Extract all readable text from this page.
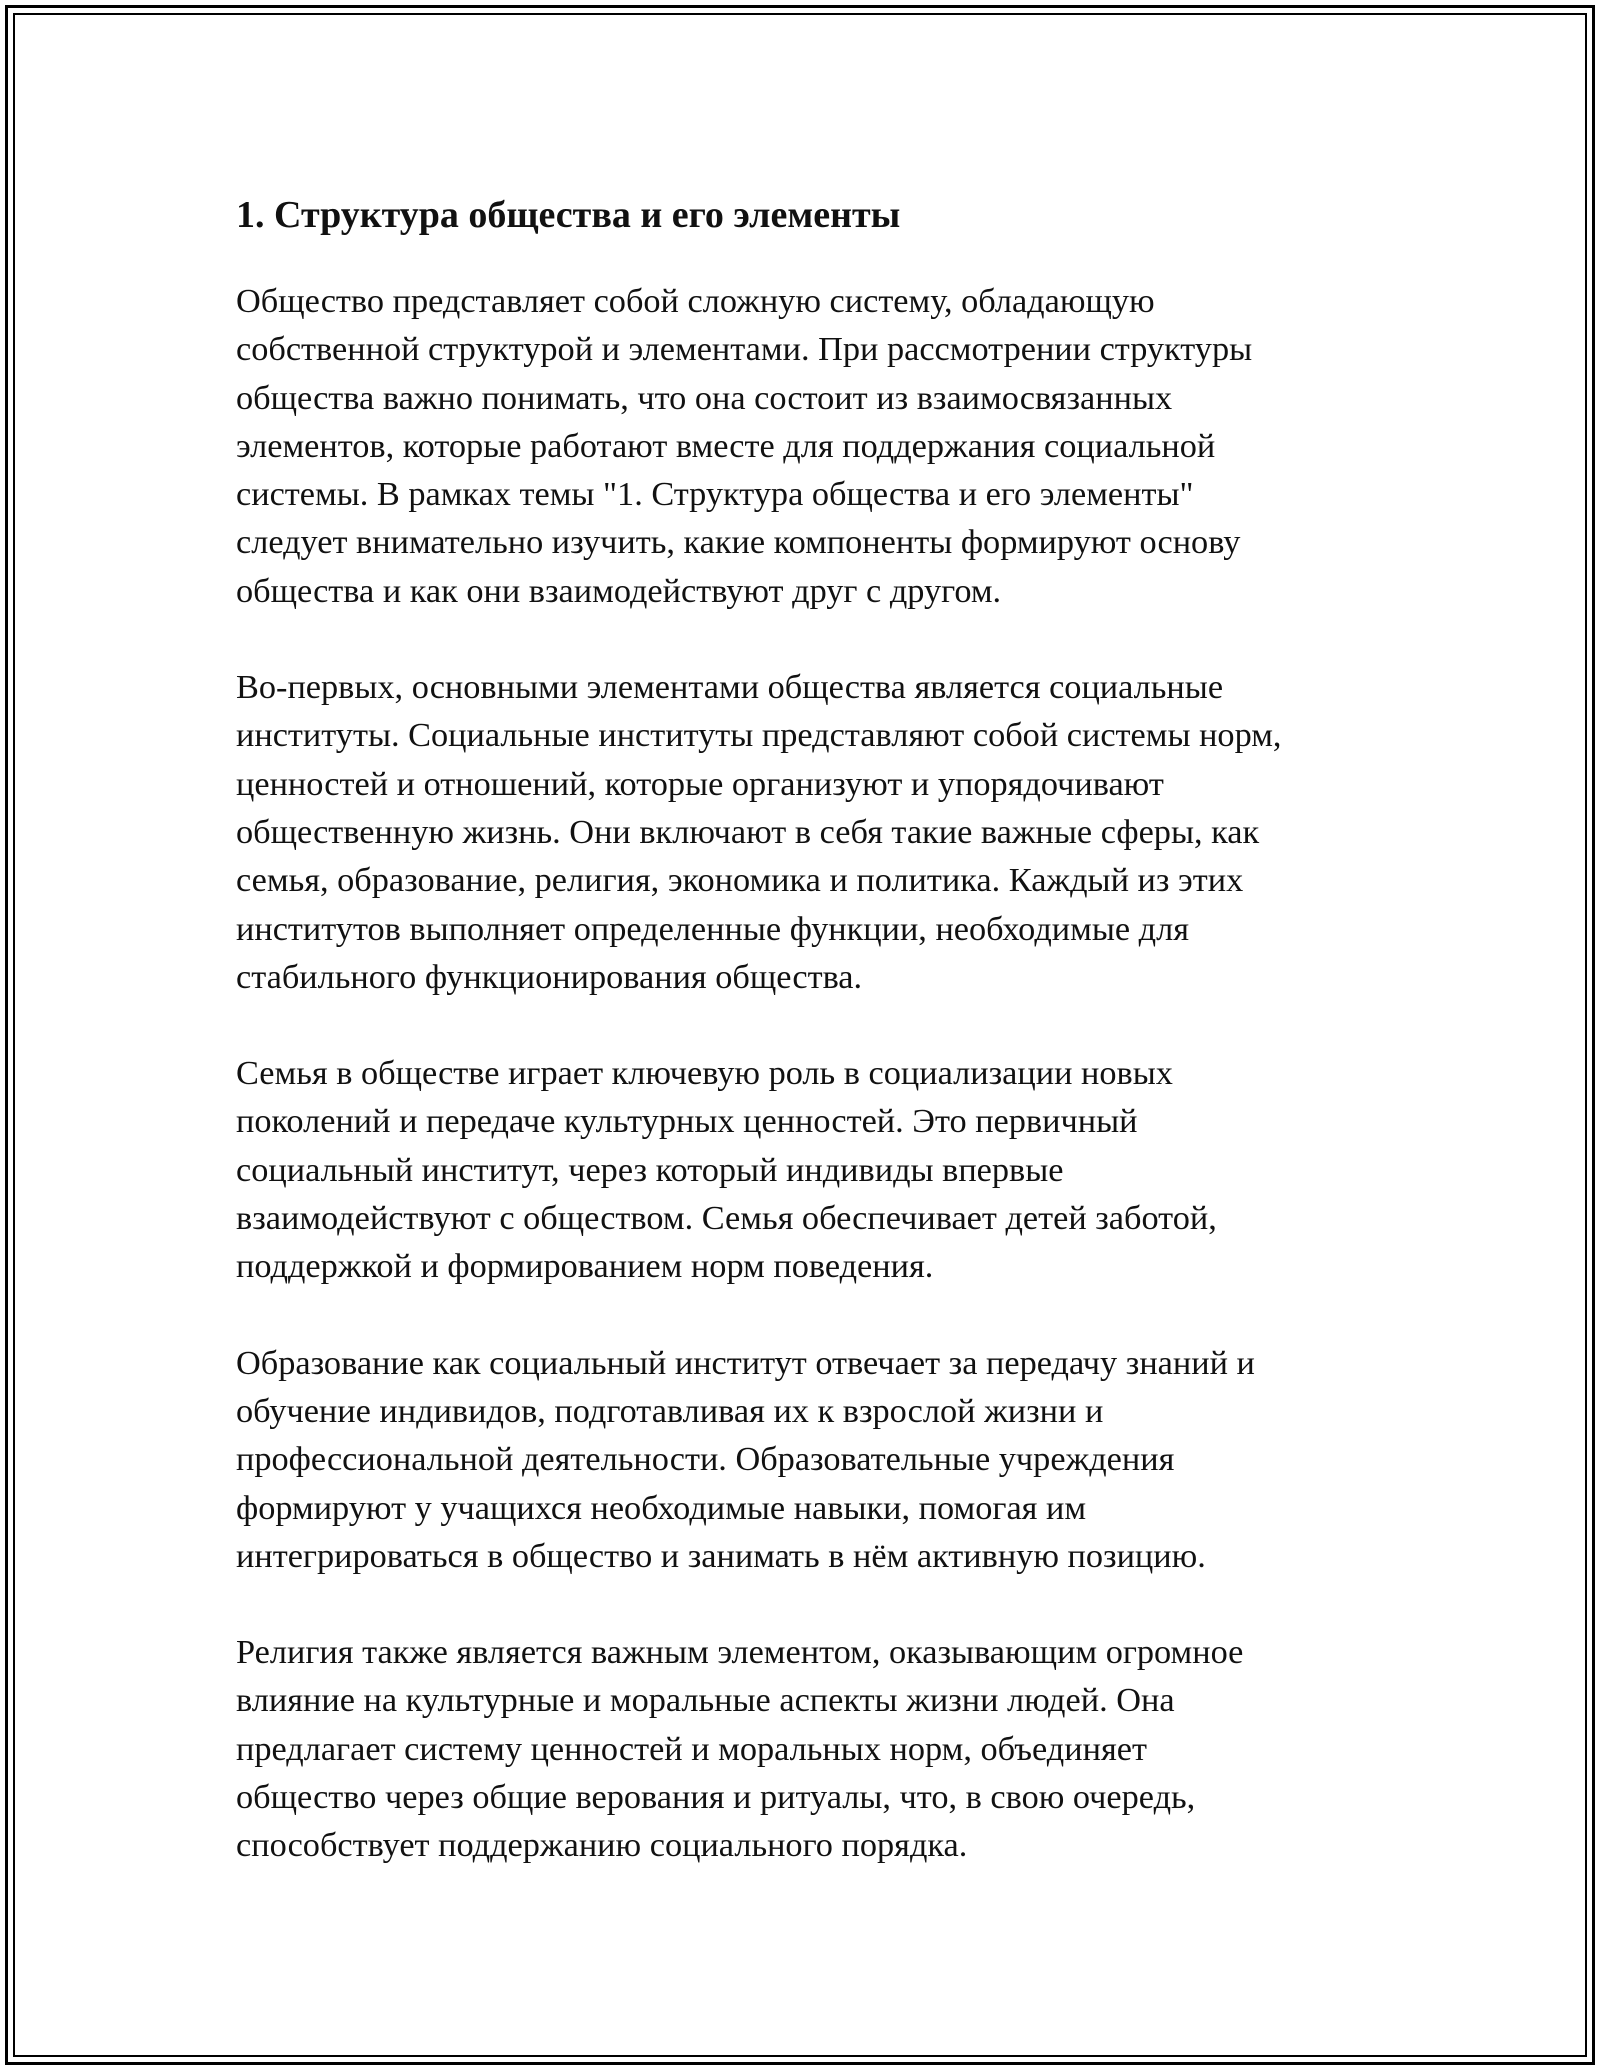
1. Структура общества и его элементы

Общество представляет собой сложную систему, обладающую
собственной структурой и элементами. При рассмотрении структуры
общества важно понимать, что она состоит из взаимосвязанных
элементов, которые работают вместе для поддержания социальной
системы. В рамках темы "1. Структура общества и его элементы"
следует внимательно изучить, какие компоненты формируют основу
общества и как они взаимодействуют друг с другом.

Во-первых, основными элементами общества является социальные
институты. Социальные институты представляют собой системы норм,
ценностей и отношений, которые организуют и упорядочивают
общественную жизнь. Они включают в себя такие важные сферы, как
семья, образование, религия, экономика и политика. Каждый из этих
институтов выполняет определенные функции, необходимые для
стабильного функционирования общества.

Семья в обществе играет ключевую роль в социализации новых
поколений и передаче культурных ценностей. Это первичный
социальный институт, через который индивиды впервые
взаимодействуют с обществом. Семья обеспечивает детей заботой,
поддержкой и формированием норм поведения.

Образование как социальный институт отвечает за передачу знаний и
обучение индивидов, подготавливая их к взрослой жизни и
профессиональной деятельности. Образовательные учреждения
формируют у учащихся необходимые навыки, помогая им
интегрироваться в общество и занимать в нём активную позицию.

Религия также является важным элементом, оказывающим огромное
влияние на культурные и моральные аспекты жизни людей. Она
предлагает систему ценностей и моральных норм, объединяет
общество через общие верования и ритуалы, что, в свою очередь,
способствует поддержанию социального порядка.
